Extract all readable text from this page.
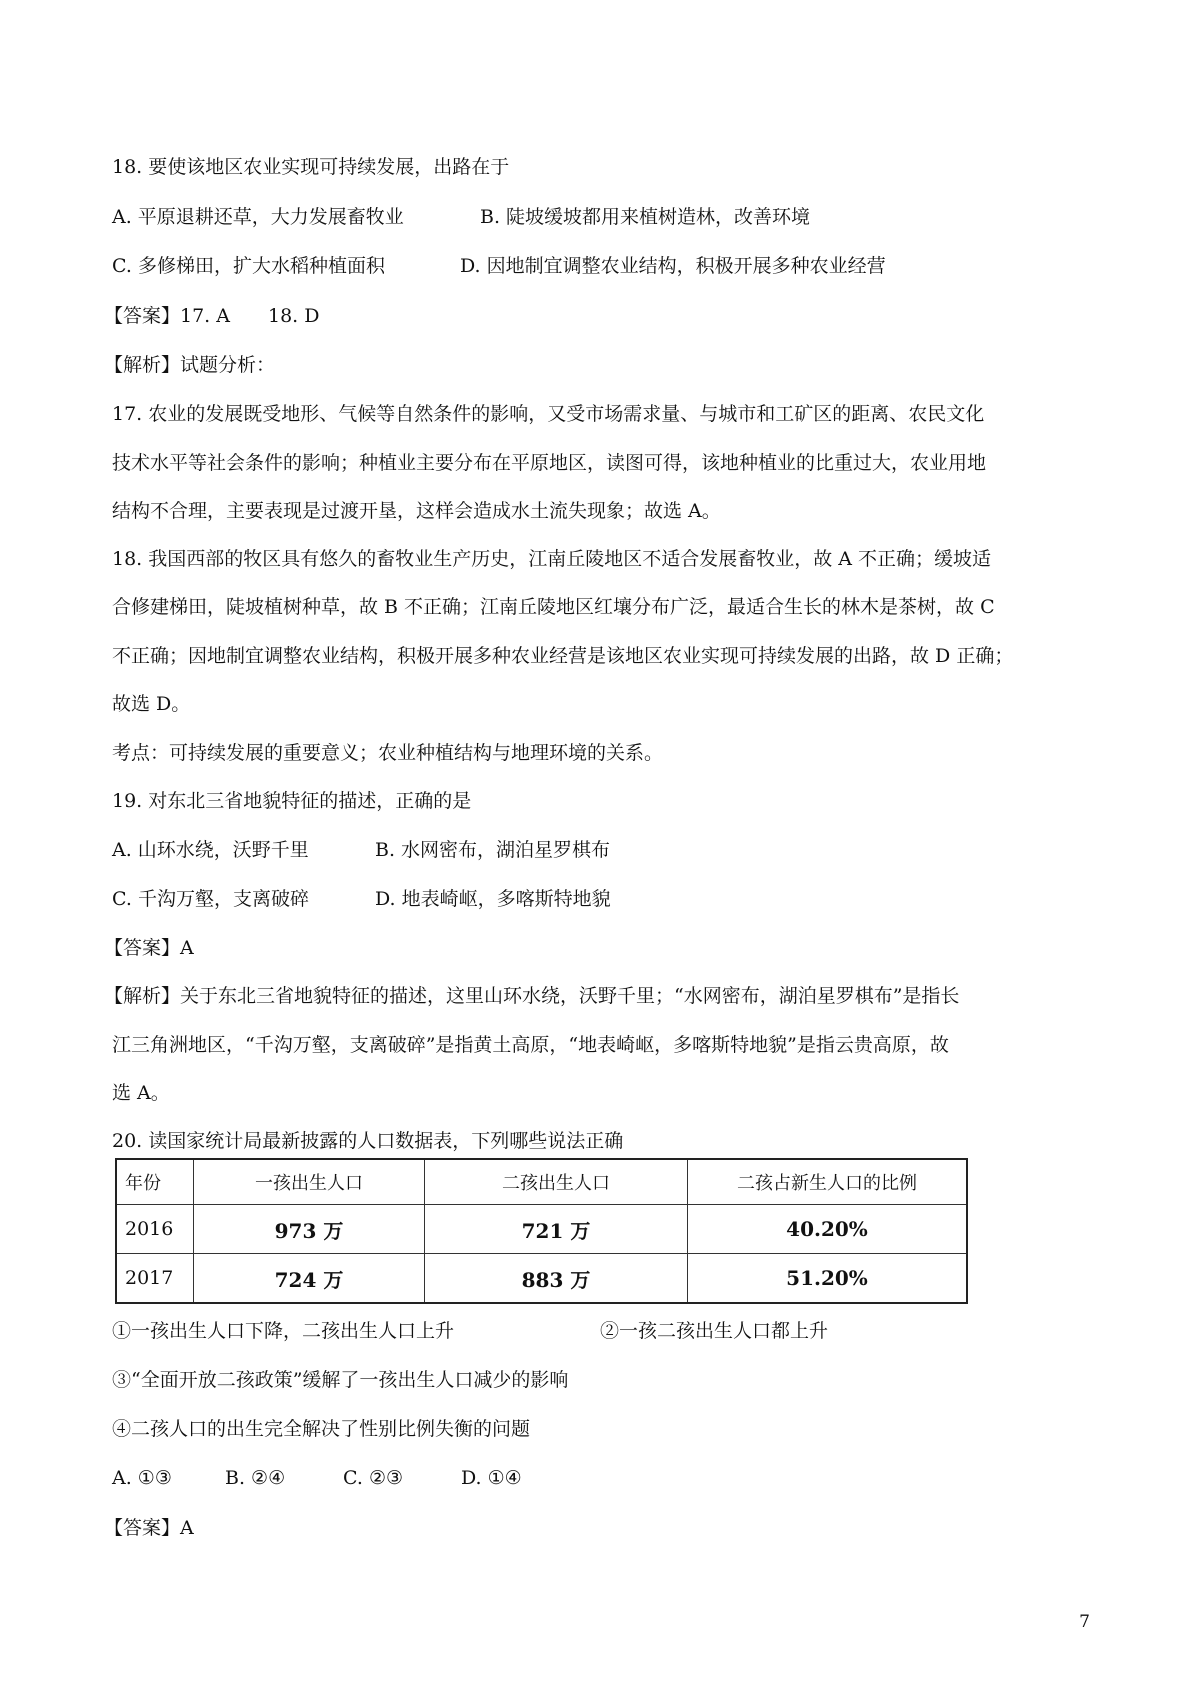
18. 要使该地区农业实现可持续发展，出路在于
A. 平原退耕还草，大力发展畜牧业	B. 陡坡缓坡都用来植树造林，改善环境
C. 多修梯田，扩大水稻种植面积	D. 因地制宜调整农业结构，积极开展多种农业经营
【答案】17. A　　18. D
【解析】试题分析：
17. 农业的发展既受地形、气候等自然条件的影响，又受市场需求量、与城市和工矿区的距离、农民文化
技术水平等社会条件的影响；种植业主要分布在平原地区，读图可得，该地种植业的比重过大，农业用地
结构不合理，主要表现是过渡开垦，这样会造成水土流失现象；故选 A。
18. 我国西部的牧区具有悠久的畜牧业生产历史，江南丘陵地区不适合发展畜牧业，故 A 不正确；缓坡适
合修建梯田，陡坡植树种草，故 B 不正确；江南丘陵地区红壤分布广泛，最适合生长的林木是茶树，故 C
不正确；因地制宜调整农业结构，积极开展多种农业经营是该地区农业实现可持续发展的出路，故 D 正确；
故选 D。
考点：可持续发展的重要意义；农业种植结构与地理环境的关系。
19. 对东北三省地貌特征的描述，正确的是
A. 山环水绕，沃野千里	B. 水网密布，湖泊星罗棋布
C. 千沟万壑，支离破碎	D. 地表崎岖，多喀斯特地貌
【答案】A
【解析】关于东北三省地貌特征的描述，这里山环水绕，沃野千里；“水网密布，湖泊星罗棋布”是指长
江三角洲地区，“千沟万壑，支离破碎”是指黄土高原，“地表崎岖，多喀斯特地貌”是指云贵高原，故
选 A。
20. 读国家统计局最新披露的人口数据表，下列哪些说法正确
年份	一孩出生人口	二孩出生人口	二孩占新生人口的比例
2016	973 万	721 万	40.20%
2017	724 万	883 万	51.20%
①一孩出生人口下降，二孩出生人口上升	②一孩二孩出生人口都上升
③“全面开放二孩政策”缓解了一孩出生人口减少的影响
④二孩人口的出生完全解决了性别比例失衡的问题
A. ①③	B. ②④	C. ②③	D. ①④
【答案】A
7
